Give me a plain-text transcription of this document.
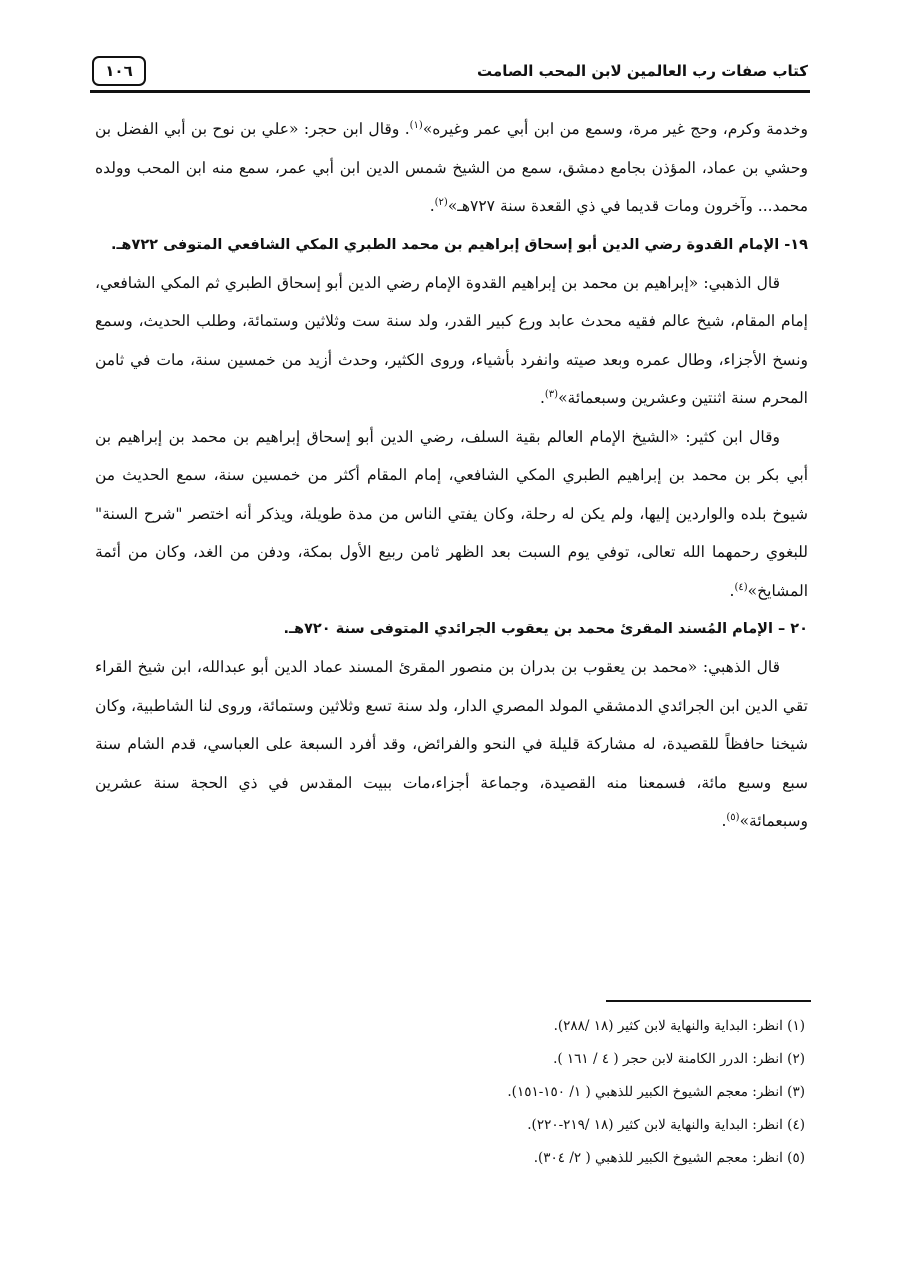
كتاب صفات رب العالمين لابن المحب الصامت
١٠٦

وخدمة وكرم، وحج غير مرة، وسمع من ابن أبي عمر وغيره»$^{(١)}$. وقال ابن حجر: «علي بن نوح بن أبي الفضل بن وحشي بن عماد، المؤذن بجامع دمشق، سمع من الشيخ شمس الدين ابن أبي عمر، سمع منه ابن المحب وولده محمد... وآخرون ومات قديما في ذي القعدة سنة ٧٢٧هـ»$^{(٢)}$.

١٩- الإمام القدوة رضي الدين أبو إسحاق إبراهيم بن محمد الطبري المكي الشافعي المتوفى ٧٢٢هـ.

قال الذهبي: «إبراهيم بن محمد بن إبراهيم القدوة الإمام رضي الدين أبو إسحاق الطبري ثم المكي الشافعي، إمام المقام، شيخ عالم فقيه محدث عابد ورع كبير القدر، ولد سنة ست وثلاثين وستمائة، وطلب الحديث، وسمع ونسخ الأجزاء، وطال عمره وبعد صيته وانفرد بأشياء، وروى الكثير، وحدث أزيد من خمسين سنة، مات في ثامن المحرم سنة اثنتين وعشرين وسبعمائة»$^{(٣)}$.

وقال ابن كثير: «الشيخ الإمام العالم بقية السلف، رضي الدين أبو إسحاق إبراهيم بن محمد بن إبراهيم بن أبي بكر بن محمد بن إبراهيم الطبري المكي الشافعي، إمام المقام أكثر من خمسين سنة، سمع الحديث من شيوخ بلده والواردين إليها، ولم يكن له رحلة، وكان يفتي الناس من مدة طويلة، ويذكر أنه اختصر "شرح السنة" للبغوي رحمهما الله تعالى، توفي يوم السبت بعد الظهر ثامن ربيع الأول بمكة، ودفن من الغد، وكان من أئمة المشايخ»$^{(٤)}$.

٢٠ – الإمام المُسند المقرئ محمد بن يعقوب الجرائدي المتوفى سنة ٧٢٠هـ.

قال الذهبي: «محمد بن يعقوب بن بدران بن منصور المقرئ المسند عماد الدين أبو عبدالله، ابن شيخ القراء تقي الدين ابن الجرائدي الدمشقي المولد المصري الدار، ولد سنة تسع وثلاثين وستمائة، وروى لنا الشاطبية، وكان شيخنا حافظاً للقصيدة، له مشاركة قليلة في النحو والفرائض، وقد أفرد السبعة على العباسي، قدم الشام سنة سبع وسبع مائة، فسمعنا منه القصيدة، وجماعة أجزاء،مات ببيت المقدس في ذي الحجة سنة عشرين وسبعمائة»$^{(٥)}$.

(١) انظر: البداية والنهاية لابن كثير (١٨ /٢٨٨).
(٢) انظر: الدرر الكامنة لابن حجر ( ٤ / ١٦١ ).
(٣) انظر: معجم الشيوخ الكبير للذهبي ( ١/ ١٥٠-١٥١).
(٤) انظر: البداية والنهاية لابن كثير (١٨ /٢١٩-٢٢٠).
(٥) انظر: معجم الشيوخ الكبير للذهبي ( ٢/ ٣٠٤).
